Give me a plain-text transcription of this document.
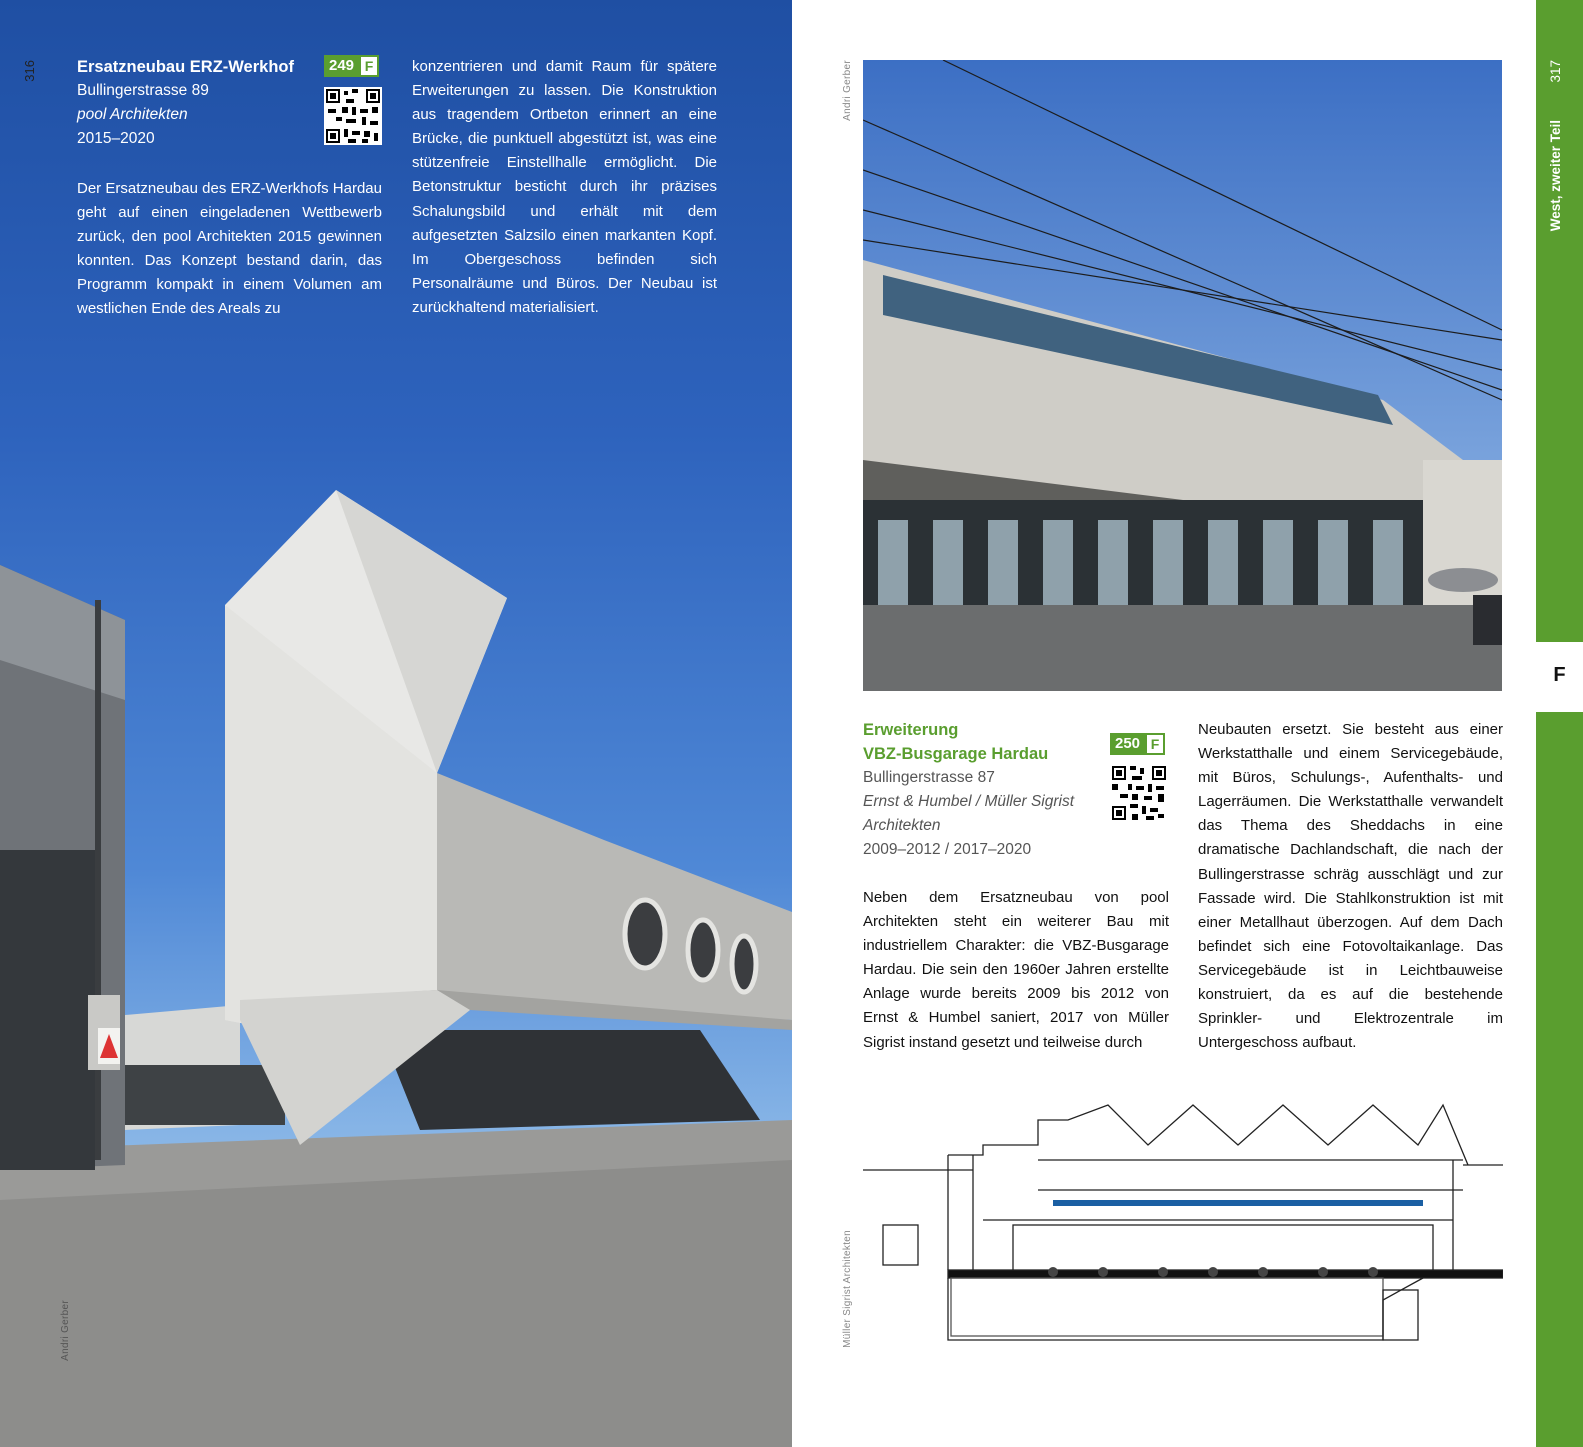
316
Andri Gerber
Ersatzneubau ERZ-Werkhof
Bullingerstrasse 89
pool Architekten
2015–2020
249 F
Der Ersatzneubau des ERZ-Werkhofs Hardau geht auf einen eingeladenen Wettbewerb zurück, den pool Architekten 2015 gewinnen konnten. Das Konzept bestand darin, das Programm kompakt in einem Volumen am westlichen Ende des Areals zu
konzentrieren und damit Raum für spätere Erweiterungen zu lassen. Die Konstruktion aus tragendem Ortbeton erinnert an eine Brücke, die punktuell abgestützt ist, was eine stützenfreie Einstellhalle ermöglicht. Die Betonstruktur besticht durch ihr präzises Schalungsbild und erhält mit dem aufgesetzten Salzsilo einen markanten Kopf. Im Obergeschoss befinden sich Personalräume und Büros. Der Neubau ist zurückhaltend materialisiert.
Andri Gerber	317
West, zweiter Teil
F
Erweiterung
VBZ-Busgarage Hardau
Bullingerstrasse 87
Ernst & Humbel / Müller Sigrist
Architekten
2009–2012 / 2017–2020
250 F
Neben dem Ersatzneubau von pool Architekten steht ein weiterer Bau mit industriellem Charakter: die VBZ-Busgarage Hardau. Die sein den 1960er Jahren erstellte Anlage wurde bereits 2009 bis 2012 von Ernst & Humbel saniert, 2017 von Müller Sigrist instand gesetzt und teilweise durch
Neubauten ersetzt. Sie besteht aus einer Werkstatthalle und einem Servicegebäude, mit Büros, Schulungs-, Aufenthalts- und Lagerräumen. Die Werkstatthalle verwandelt das Thema des Sheddachs in eine dramatische Dachlandschaft, die nach der Bullingerstrasse schräg ausschlägt und zur Fassade wird. Die Stahlkonstruktion ist mit einer Metallhaut überzogen. Auf dem Dach befindet sich eine Fotovoltaikanlage. Das Servicegebäude ist in Leichtbauweise konstruiert, da es auf die bestehende Sprinkler- und Elektrozentrale im Untergeschoss aufbaut.
Müller Sigrist Architekten
